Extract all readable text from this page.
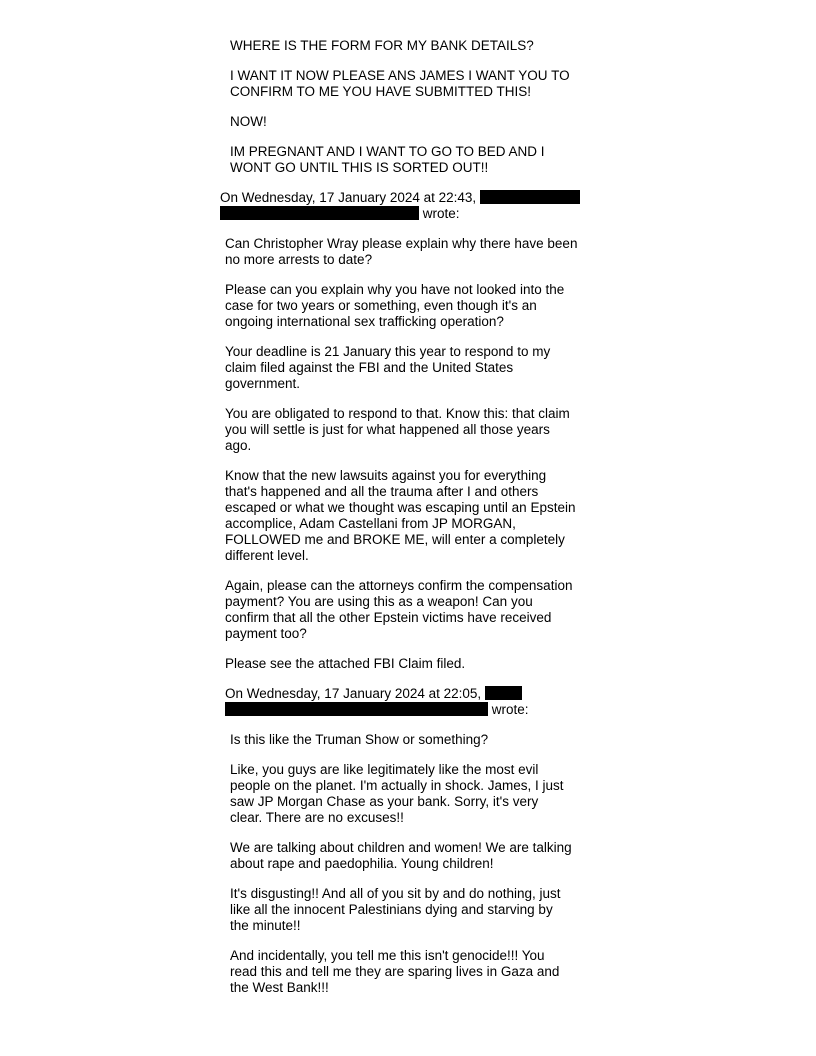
WHERE IS THE FORM FOR MY BANK DETAILS?

I WANT IT NOW PLEASE ANS JAMES I WANT YOU TO
CONFIRM TO ME YOU HAVE SUBMITTED THIS!

NOW!

IM PREGNANT AND I WANT TO GO TO BED AND I
WONT GO UNTIL THIS IS SORTED OUT!!

On Wednesday, 17 January 2024 at 22:43,
wrote:

Can Christopher Wray please explain why there have been
no more arrests to date?

Please can you explain why you have not looked into the
case for two years or something, even though it's an
ongoing international sex trafficking operation?

Your deadline is 21 January this year to respond to my
claim filed against the FBI and the United States
government.

You are obligated to respond to that. Know this: that claim
you will settle is just for what happened all those years
ago.

Know that the new lawsuits against you for everything
that's happened and all the trauma after I and others
escaped or what we thought was escaping until an Epstein
accomplice, Adam Castellani from JP MORGAN,
FOLLOWED me and BROKE ME, will enter a completely
different level.

Again, please can the attorneys confirm the compensation
payment? You are using this as a weapon! Can you
confirm that all the other Epstein victims have received
payment too?

Please see the attached FBI Claim filed.

On Wednesday, 17 January 2024 at 22:05,
wrote:

Is this like the Truman Show or something?

Like, you guys are like legitimately like the most evil
people on the planet. I'm actually in shock. James, I just
saw JP Morgan Chase as your bank. Sorry, it's very
clear. There are no excuses!!

We are talking about children and women! We are talking
about rape and paedophilia. Young children!

It's disgusting!! And all of you sit by and do nothing, just
like all the innocent Palestinians dying and starving by
the minute!!

And incidentally, you tell me this isn't genocide!!! You
read this and tell me they are sparing lives in Gaza and
the West Bank!!!
